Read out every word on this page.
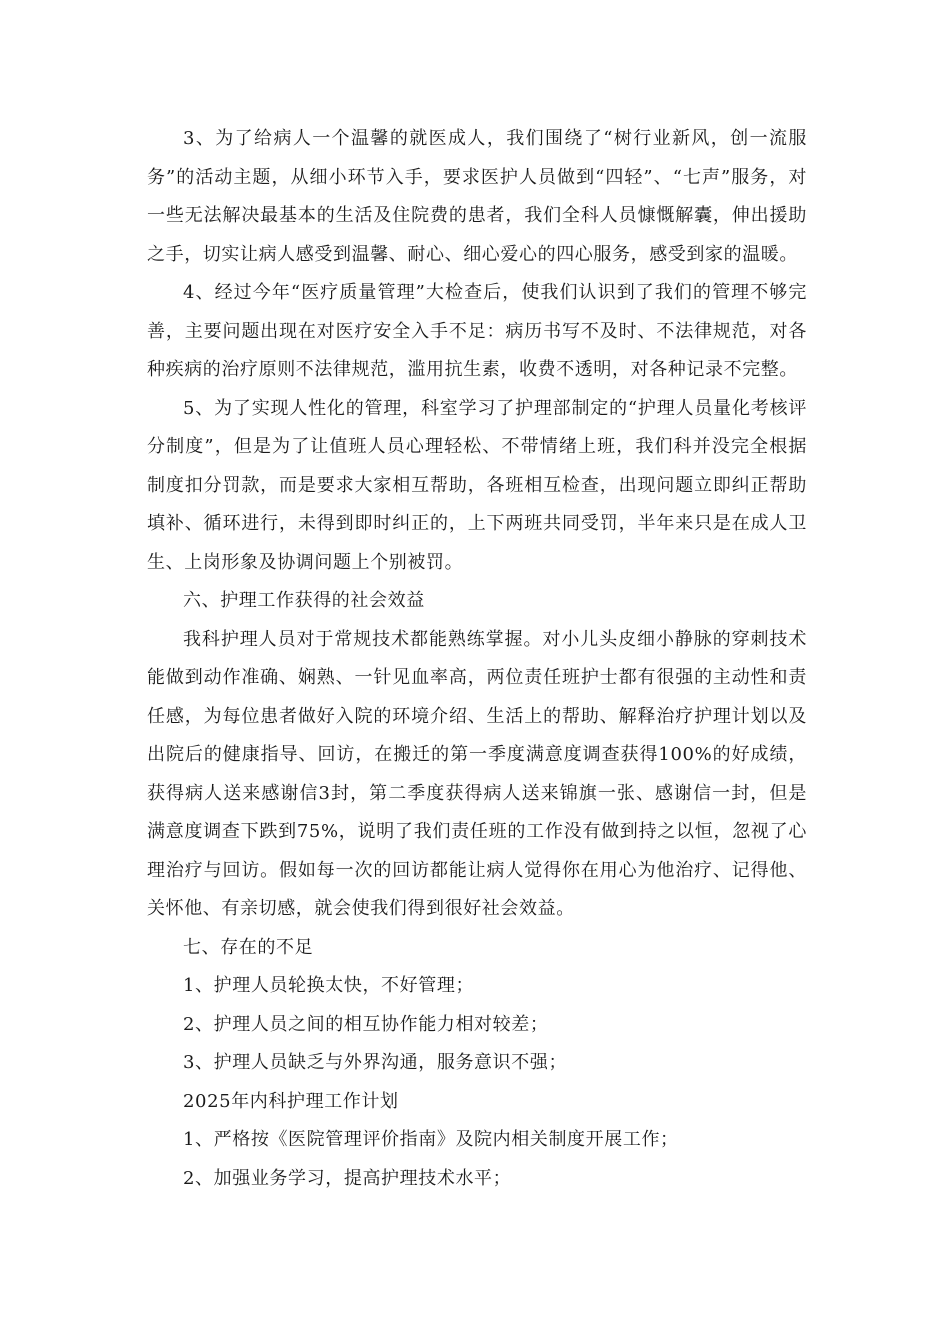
3、为了给病人一个温馨的就医成人，我们围绕了“树行业新风，创一流服务”的活动主题，从细小环节入手，要求医护人员做到“四轻”、“七声”服务，对一些无法解决最基本的生活及住院费的患者，我们全科人员慷慨解囊，伸出援助之手，切实让病人感受到温馨、耐心、细心爱心的四心服务，感受到家的温暖。

4、经过今年“医疗质量管理”大检查后，使我们认识到了我们的管理不够完善，主要问题出现在对医疗安全入手不足：病历书写不及时、不法律规范，对各种疾病的治疗原则不法律规范，滥用抗生素，收费不透明，对各种记录不完整。

5、为了实现人性化的管理，科室学习了护理部制定的“护理人员量化考核评分制度”，但是为了让值班人员心理轻松、不带情绪上班，我们科并没完全根据制度扣分罚款，而是要求大家相互帮助，各班相互检查，出现问题立即纠正帮助填补、循环进行，未得到即时纠正的，上下两班共同受罚，半年来只是在成人卫生、上岗形象及协调问题上个别被罚。

六、护理工作获得的社会效益

我科护理人员对于常规技术都能熟练掌握。对小儿头皮细小静脉的穿刺技术能做到动作准确、娴熟、一针见血率高，两位责任班护士都有很强的主动性和责任感，为每位患者做好入院的环境介绍、生活上的帮助、解释治疗护理计划以及出院后的健康指导、回访，在搬迁的第一季度满意度调查获得100%的好成绩，获得病人送来感谢信3封，第二季度获得病人送来锦旗一张、感谢信一封，但是满意度调查下跌到75%，说明了我们责任班的工作没有做到持之以恒，忽视了心理治疗与回访。假如每一次的回访都能让病人觉得你在用心为他治疗、记得他、关怀他、有亲切感，就会使我们得到很好社会效益。

七、存在的不足

1、护理人员轮换太快，不好管理；

2、护理人员之间的相互协作能力相对较差；

3、护理人员缺乏与外界沟通，服务意识不强；

2025年内科护理工作计划

1、严格按《医院管理评价指南》及院内相关制度开展工作；

2、加强业务学习，提高护理技术水平；
